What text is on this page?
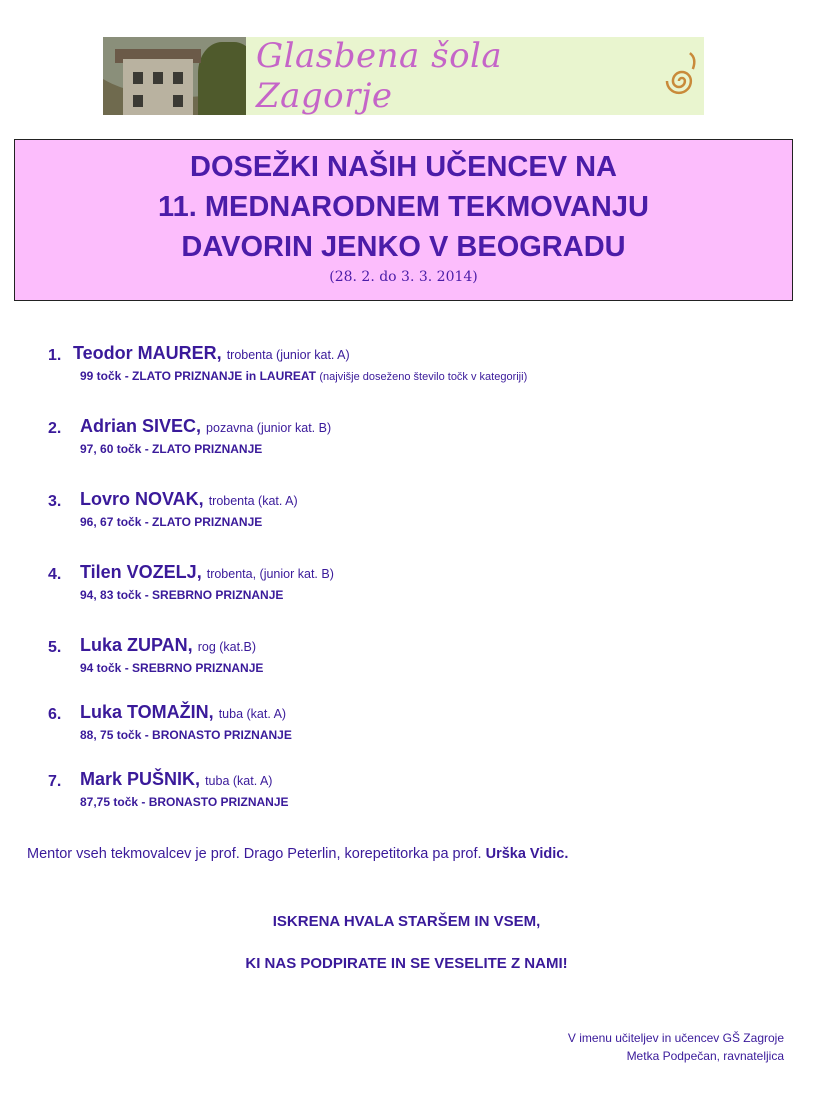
Glasbena šola Zagorje
DOSEŽKI NAŠIH UČENCEV NA
11. MEDNARODNEM TEKMOVANJU
DAVORIN JENKO V BEOGRADU
(28. 2. do 3. 3. 2014)
1. Teodor MAURER, trobenta (junior kat. A)
99 točk - ZLATO PRIZNANJE in LAUREAT (najvišje doseženo število točk v kategoriji)
2. Adrian SIVEC, pozavna (junior kat. B)
97, 60 točk - ZLATO PRIZNANJE
3. Lovro NOVAK, trobenta (kat. A)
96, 67 točk - ZLATO PRIZNANJE
4. Tilen VOZELJ, trobenta, (junior kat. B)
94, 83 točk - SREBRNO PRIZNANJE
5. Luka ZUPAN, rog (kat.B)
94 točk - SREBRNO PRIZNANJE
6. Luka TOMAŽIN, tuba (kat. A)
88, 75 točk - BRONASTO PRIZNANJE
7. Mark PUŠNIK, tuba (kat. A)
87,75 točk - BRONASTO PRIZNANJE
Mentor vseh tekmovalcev je prof. Drago Peterlin, korepetitorka pa prof. Urška Vidic.
ISKRENA HVALA STARŠEM IN VSEM,
KI NAS PODPIRATE IN SE VESELITE Z NAMI!
V imenu učiteljev in učencev GŠ Zagroje
Metka Podpečan, ravnateljica
